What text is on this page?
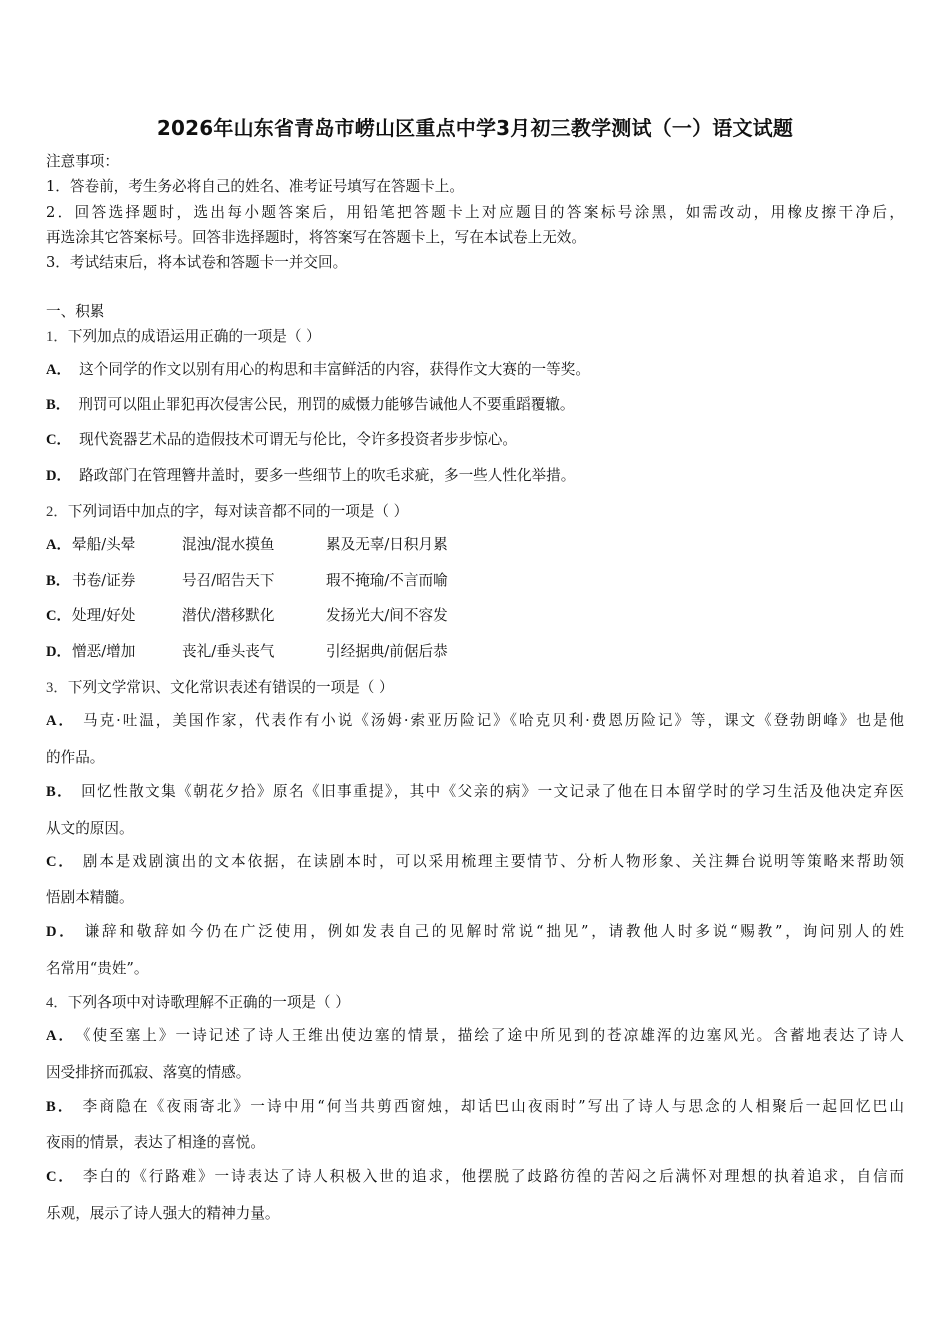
2026年山东省青岛市崂山区重点中学3月初三教学测试（一）语文试题
注意事项：
1．答卷前，考生务必将自己的姓名、准考证号填写在答题卡上。
2．回答选择题时，选出每小题答案后，用铅笔把答题卡上对应题目的答案标号涂黑，如需改动，用橡皮擦干净后，
再选涂其它答案标号。回答非选择题时，将答案写在答题卡上，写在本试卷上无效。
3．考试结束后，将本试卷和答题卡一并交回。
一、积累
1．下列加点的成语运用正确的一项是（ ）
A． 这个同学的作文以别有用心的构思和丰富鲜活的内容，获得作文大赛的一等奖。
B． 刑罚可以阻止罪犯再次侵害公民，刑罚的威慑力能够告诫他人不要重蹈覆辙。
C． 现代瓷器艺术品的造假技术可谓无与伦比，令许多投资者步步惊心。
D． 路政部门在管理簪井盖时，要多一些细节上的吹毛求疵，多一些人性化举措。
2．下列词语中加点的字，每对读音都不同的一项是（ ）
A． 晕船/头晕	混浊/混水摸鱼	累及无辜/日积月累
B． 书卷/证券	号召/昭告天下	瑕不掩瑜/不言而喻
C． 处理/好处	潜伏/潜移默化	发扬光大/间不容发
D． 憎恶/增加	丧礼/垂头丧气	引经据典/前倨后恭
3．下列文学常识、文化常识表述有错误的一项是（ ）
A． 马克·吐温，美国作家，代表作有小说《汤姆·索亚历险记》《哈克贝利·费恩历险记》等，课文《登勃朗峰》也是他
的作品。
B． 回忆性散文集《朝花夕拾》原名《旧事重提》，其中《父亲的病》一文记录了他在日本留学时的学习生活及他决定弃医
从文的原因。
C． 剧本是戏剧演出的文本依据，在读剧本时，可以采用梳理主要情节、分析人物形象、关注舞台说明等策略来帮助领
悟剧本精髓。
D． 谦辞和敬辞如今仍在广泛使用，例如发表自己的见解时常说“拙见”，请教他人时多说“赐教”，询问别人的姓
名常用“贵姓”。
4．下列各项中对诗歌理解不正确的一项是（ ）
A． 《使至塞上》一诗记述了诗人王维出使边塞的情景，描绘了途中所见到的苍凉雄浑的边塞风光。含蓄地表达了诗人
因受排挤而孤寂、落寞的情感。
B． 李商隐在《夜雨寄北》一诗中用“何当共剪西窗烛，却话巴山夜雨时”写出了诗人与思念的人相聚后一起回忆巴山
夜雨的情景，表达了相逢的喜悦。
C． 李白的《行路难》一诗表达了诗人积极入世的追求，他摆脱了歧路彷徨的苦闷之后满怀对理想的执着追求，自信而
乐观，展示了诗人强大的精神力量。
